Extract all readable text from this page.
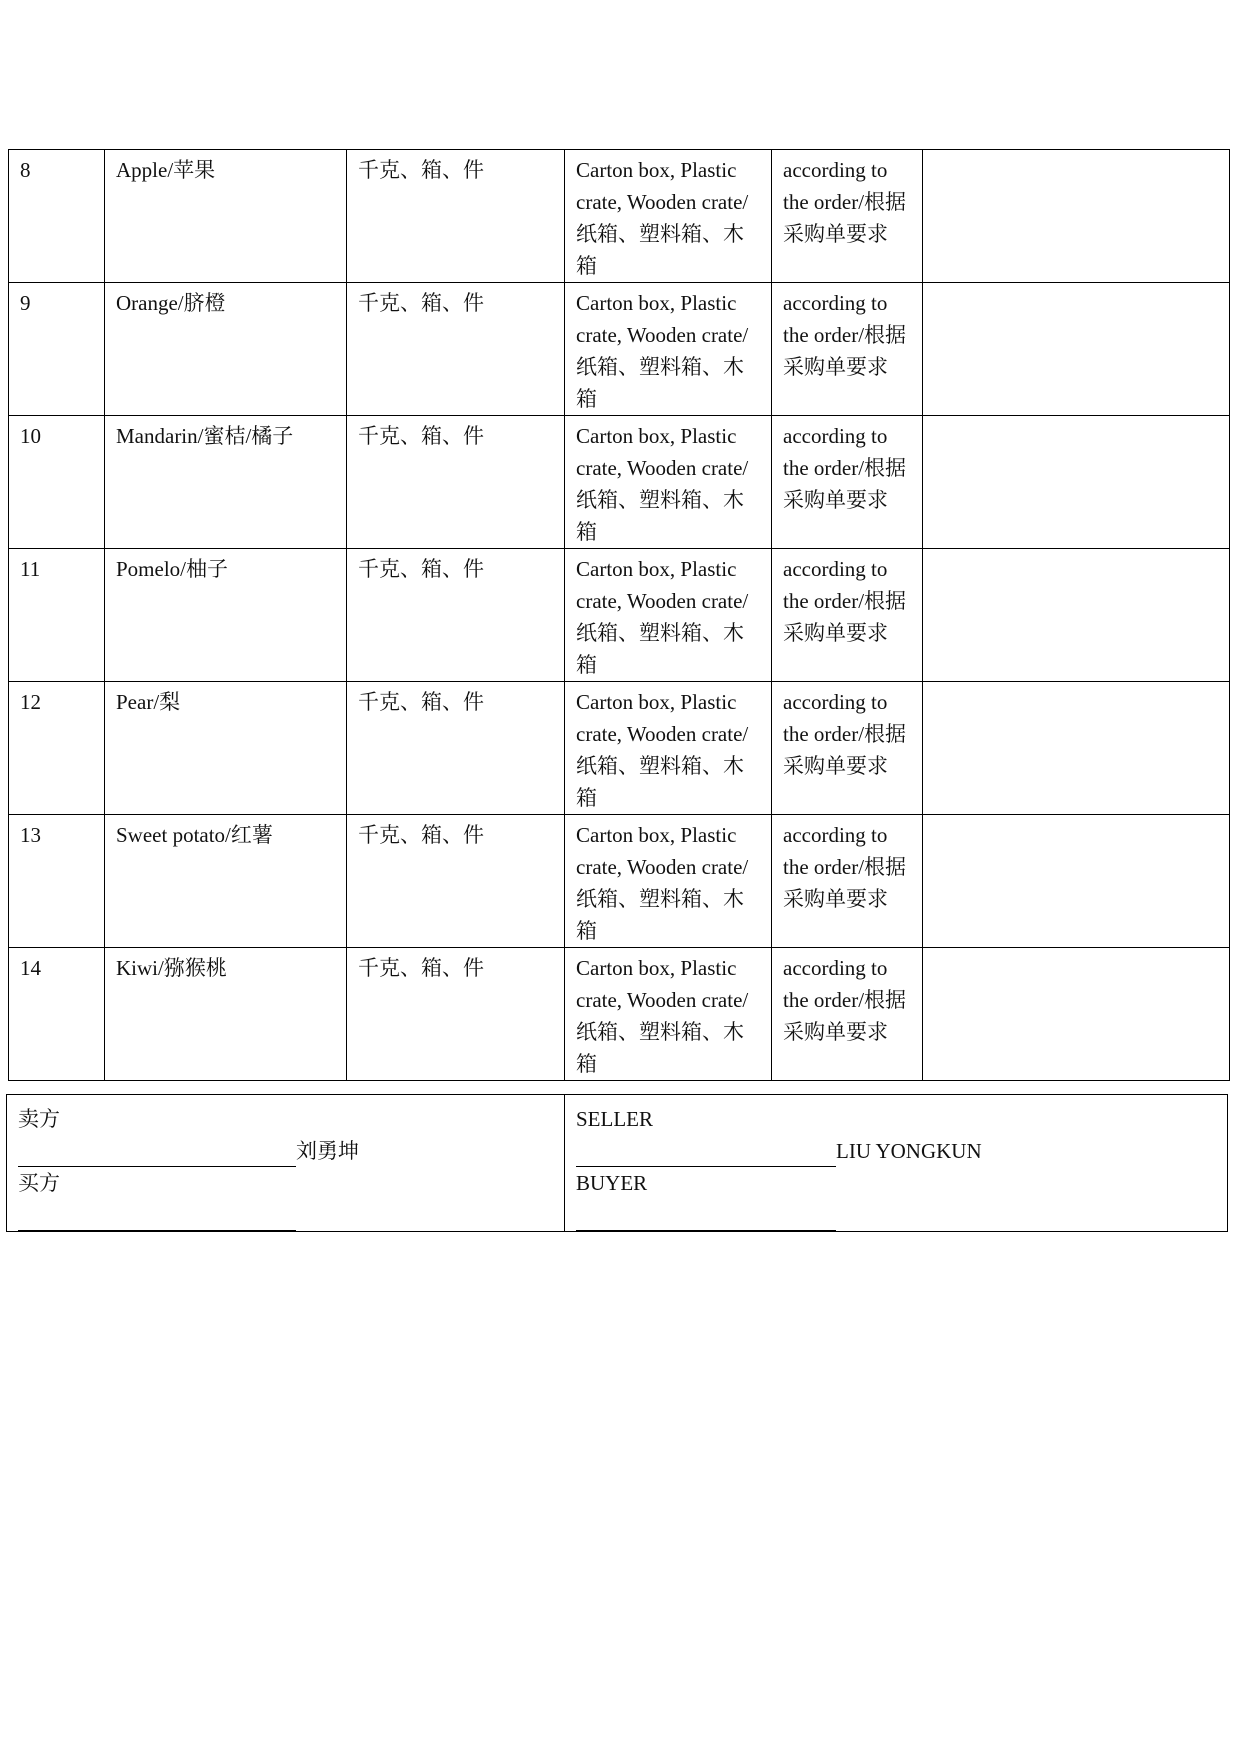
8	Apple/苹果	千克、箱、件	Carton box, Plastic crate, Wooden crate/纸箱、塑料箱、木箱	according to the order/根据采购单要求	
9	Orange/脐橙	千克、箱、件	Carton box, Plastic crate, Wooden crate/纸箱、塑料箱、木箱	according to the order/根据采购单要求	
10	Mandarin/蜜桔/橘子	千克、箱、件	Carton box, Plastic crate, Wooden crate/纸箱、塑料箱、木箱	according to the order/根据采购单要求	
11	Pomelo/柚子	千克、箱、件	Carton box, Plastic crate, Wooden crate/纸箱、塑料箱、木箱	according to the order/根据采购单要求	
12	Pear/梨	千克、箱、件	Carton box, Plastic crate, Wooden crate/纸箱、塑料箱、木箱	according to the order/根据采购单要求	
13	Sweet potato/红薯	千克、箱、件	Carton box, Plastic crate, Wooden crate/纸箱、塑料箱、木箱	according to the order/根据采购单要求	
14	Kiwi/猕猴桃	千克、箱、件	Carton box, Plastic crate, Wooden crate/纸箱、塑料箱、木箱	according to the order/根据采购单要求	
卖方
刘勇坤
买方

SELLER
LIU YONGKUN
BUYER
